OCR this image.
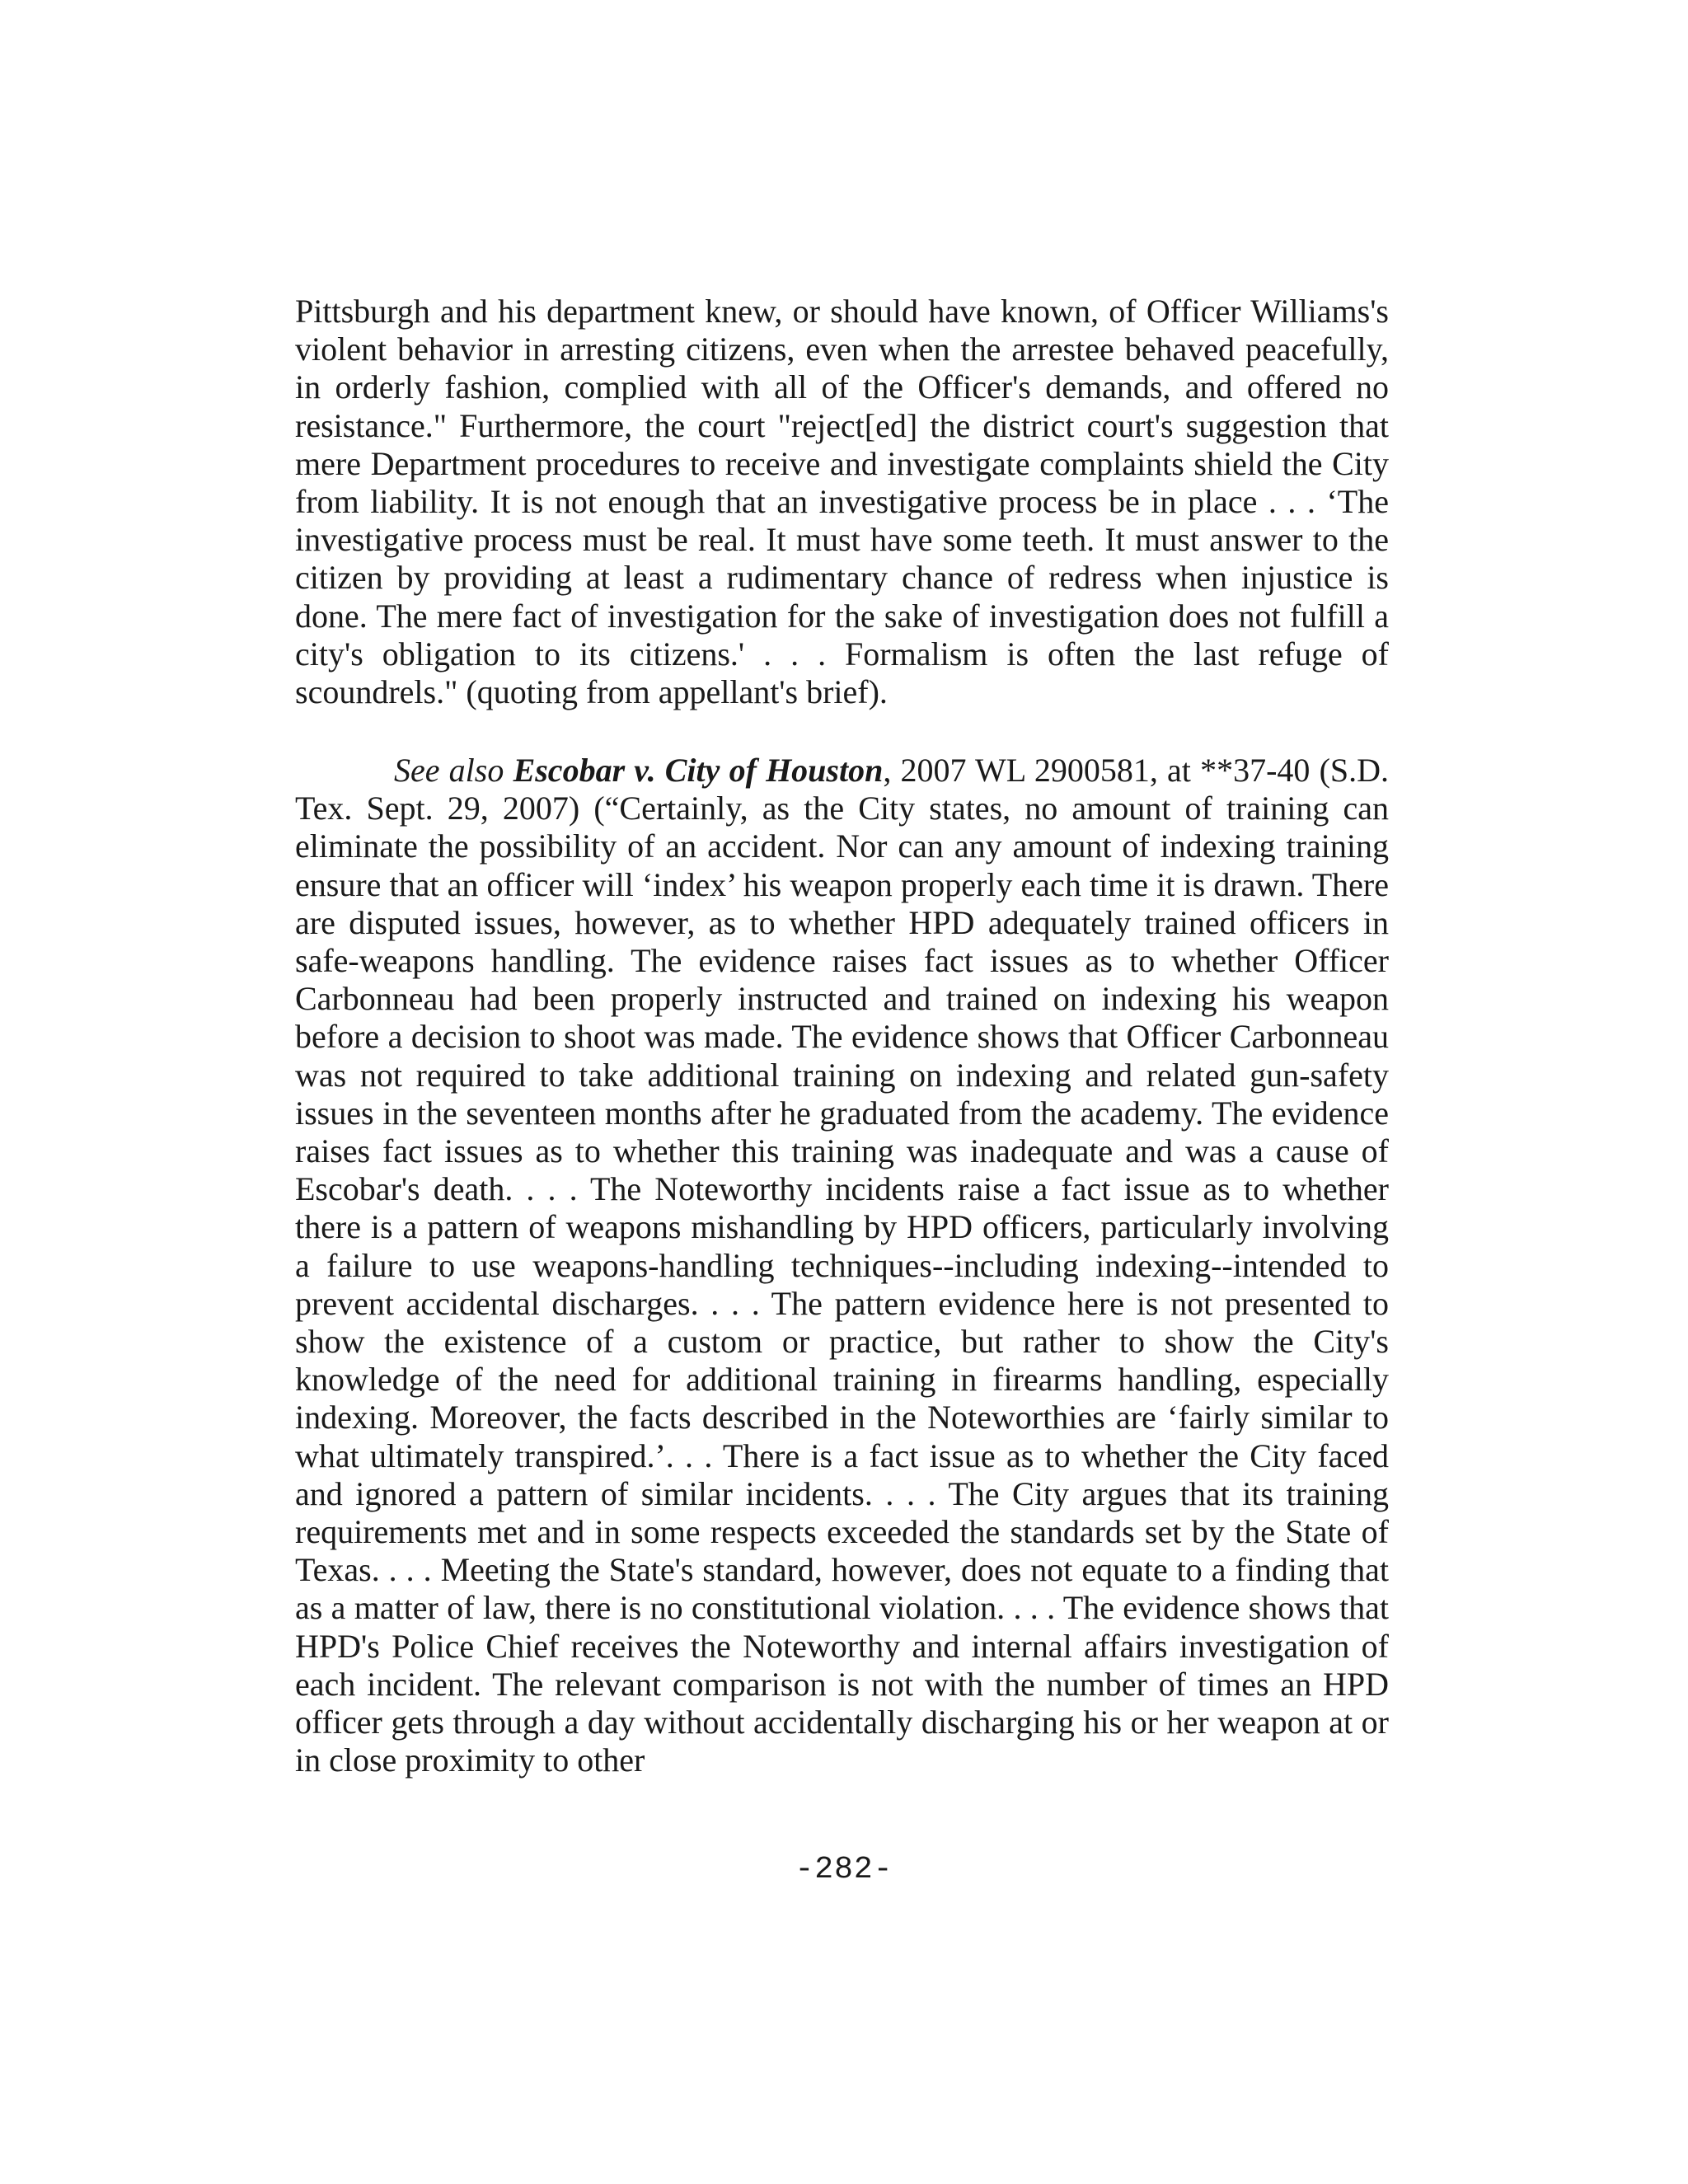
Pittsburgh and his department knew, or should have known, of Officer Williams's violent behavior in arresting citizens, even when the arrestee behaved peacefully, in orderly fashion, complied with all of the Officer's demands, and offered no resistance." Furthermore, the court "reject[ed] the district court's suggestion that mere Department procedures to receive and investigate complaints shield the City from liability. It is not enough that an investigative process be in place . . . ‘The investigative process must be real. It must have some teeth. It must answer to the citizen by providing at least a rudimentary chance of redress when injustice is done. The mere fact of investigation for the sake of investigation does not fulfill a city's obligation to its citizens.' . . . Formalism is often the last refuge of scoundrels." (quoting from appellant's brief).

See also Escobar v. City of Houston, 2007 WL 2900581, at **37-40 (S.D. Tex. Sept. 29, 2007) (“Certainly, as the City states, no amount of training can eliminate the possibility of an accident. Nor can any amount of indexing training ensure that an officer will ‘index’ his weapon properly each time it is drawn. There are disputed issues, however, as to whether HPD adequately trained officers in safe-weapons handling. The evidence raises fact issues as to whether Officer Carbonneau had been properly instructed and trained on indexing his weapon before a decision to shoot was made. The evidence shows that Officer Carbonneau was not required to take additional training on indexing and related gun-safety issues in the seventeen months after he graduated from the academy. The evidence raises fact issues as to whether this training was inadequate and was a cause of Escobar's death. . . . The Noteworthy incidents raise a fact issue as to whether there is a pattern of weapons mishandling by HPD officers, particularly involving a failure to use weapons-handling techniques--including indexing--intended to prevent accidental discharges. . . . The pattern evidence here is not presented to show the existence of a custom or practice, but rather to show the City's knowledge of the need for additional training in firearms handling, especially indexing. Moreover, the facts described in the Noteworthies are ‘fairly similar to what ultimately transpired.’. . . There is a fact issue as to whether the City faced and ignored a pattern of similar incidents. . . . The City argues that its training requirements met and in some respects exceeded the standards set by the State of Texas. . . . Meeting the State's standard, however, does not equate to a finding that as a matter of law, there is no constitutional violation. . . . The evidence shows that HPD's Police Chief receives the Noteworthy and internal affairs investigation of each incident. The relevant comparison is not with the number of times an HPD officer gets through a day without accidentally discharging his or her weapon at or in close proximity to other

-282-
